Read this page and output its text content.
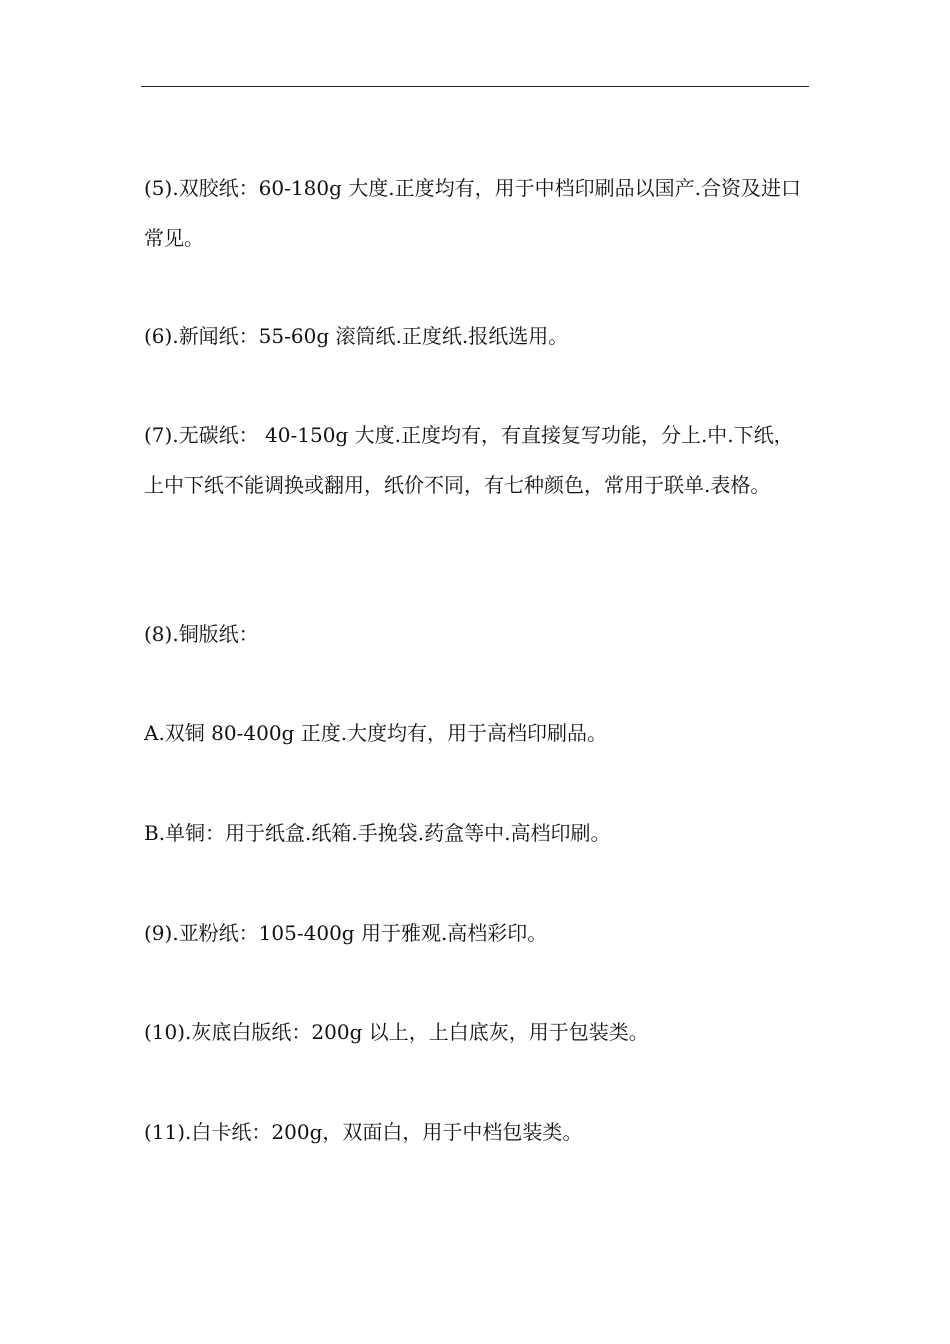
(5).双胶纸：60-180g 大度.正度均有，用于中档印刷品以国产.合资及进口常见。

(6).新闻纸：55-60g 滚筒纸.正度纸.报纸选用。

(7).无碳纸： 40-150g 大度.正度均有，有直接复写功能，分上.中.下纸，上中下纸不能调换或翻用，纸价不同，有七种颜色，常用于联单.表格。

(8).铜版纸：

A.双铜 80-400g 正度.大度均有，用于高档印刷品。

B.单铜：用于纸盒.纸箱.手挽袋.药盒等中.高档印刷。

(9).亚粉纸：105-400g 用于雅观.高档彩印。

(10).灰底白版纸：200g 以上，上白底灰，用于包装类。

(11).白卡纸：200g，双面白，用于中档包装类。
